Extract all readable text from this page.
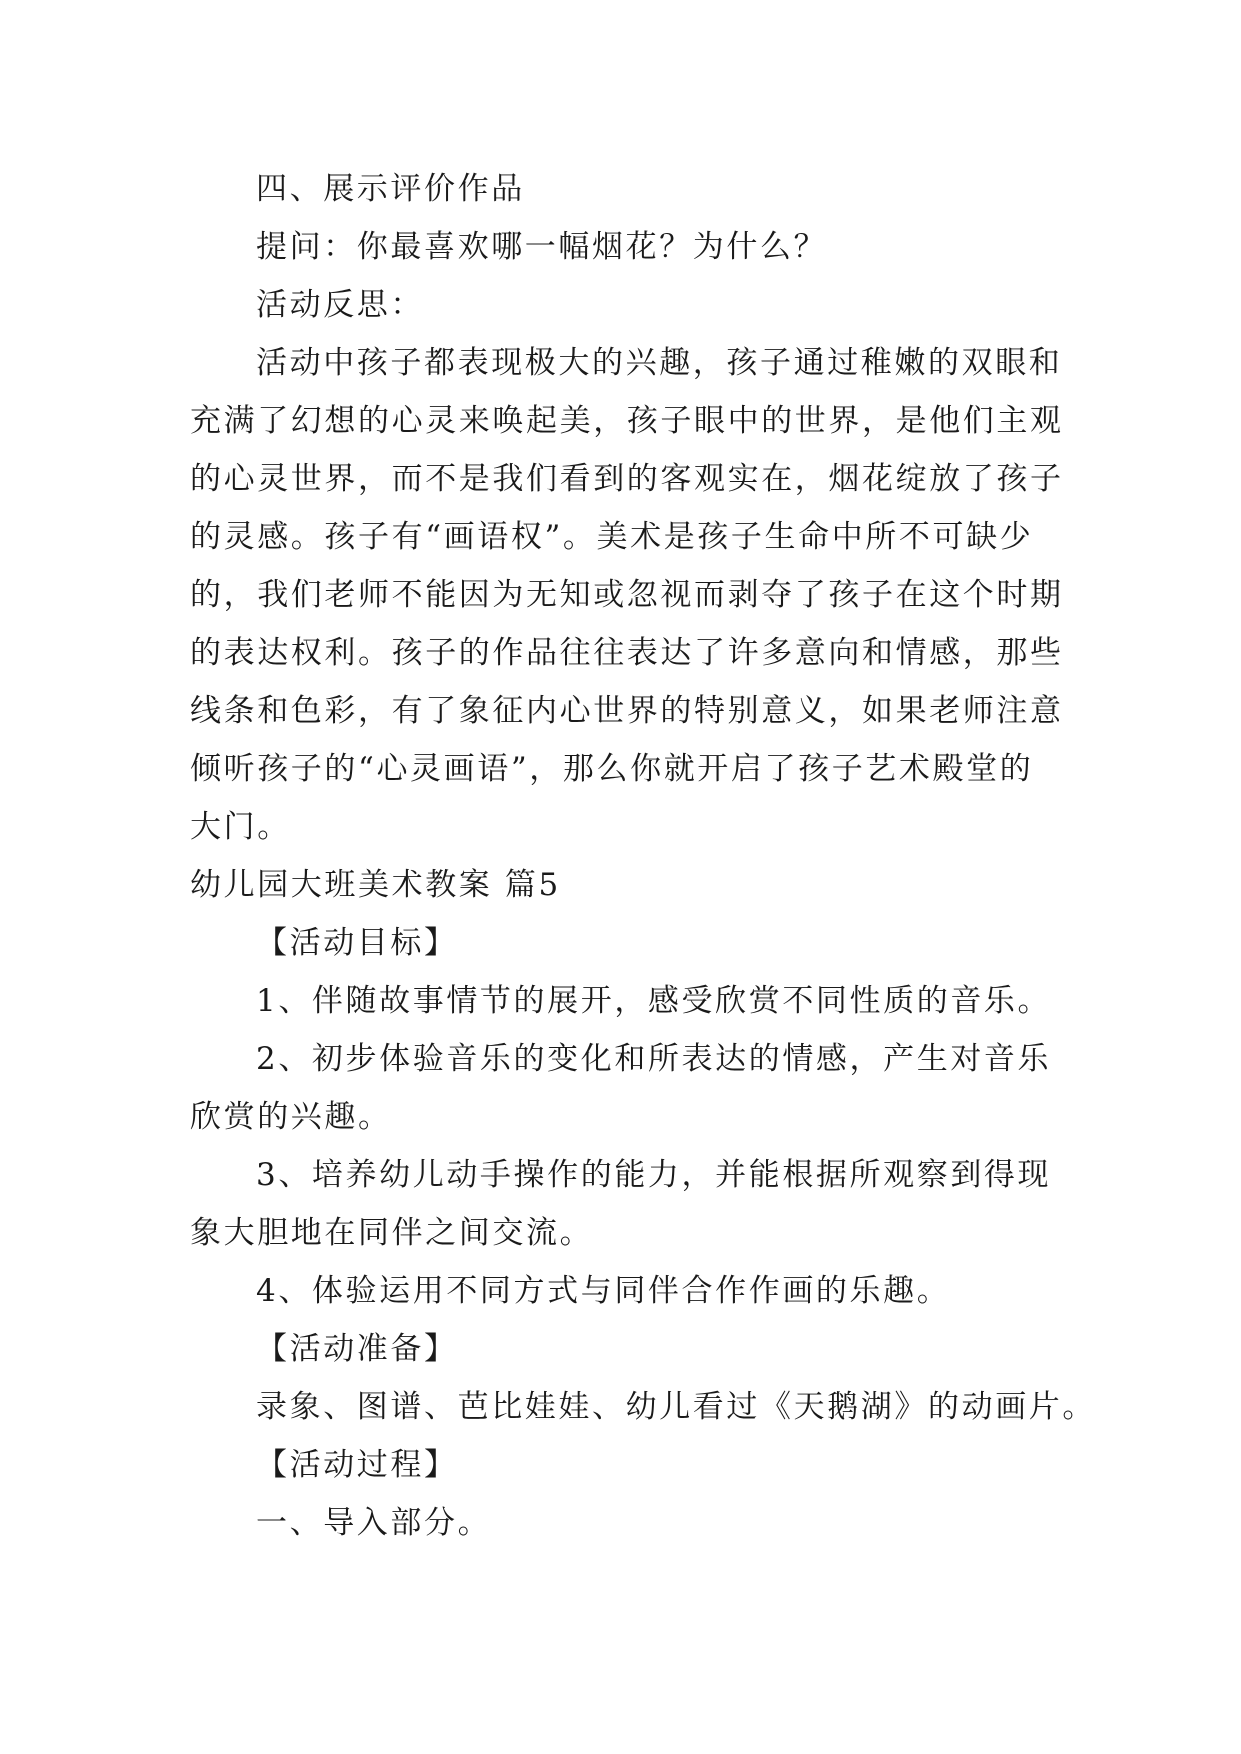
四、展示评价作品
提问：你最喜欢哪一幅烟花？为什么？
活动反思：
活动中孩子都表现极大的兴趣，孩子通过稚嫩的双眼和
充满了幻想的心灵来唤起美，孩子眼中的世界，是他们主观
的心灵世界，而不是我们看到的客观实在，烟花绽放了孩子
的灵感。孩子有“画语权”。美术是孩子生命中所不可缺少
的，我们老师不能因为无知或忽视而剥夺了孩子在这个时期
的表达权利。孩子的作品往往表达了许多意向和情感，那些
线条和色彩，有了象征内心世界的特别意义，如果老师注意
倾听孩子的“心灵画语”，那么你就开启了孩子艺术殿堂的
大门。
幼儿园大班美术教案 篇5
【活动目标】
1、伴随故事情节的展开，感受欣赏不同性质的音乐。
2、初步体验音乐的变化和所表达的情感，产生对音乐
欣赏的兴趣。
3、培养幼儿动手操作的能力，并能根据所观察到得现
象大胆地在同伴之间交流。
4、体验运用不同方式与同伴合作作画的乐趣。
【活动准备】
录象、图谱、芭比娃娃、幼儿看过《天鹅湖》的动画片。
【活动过程】
一、导入部分。
